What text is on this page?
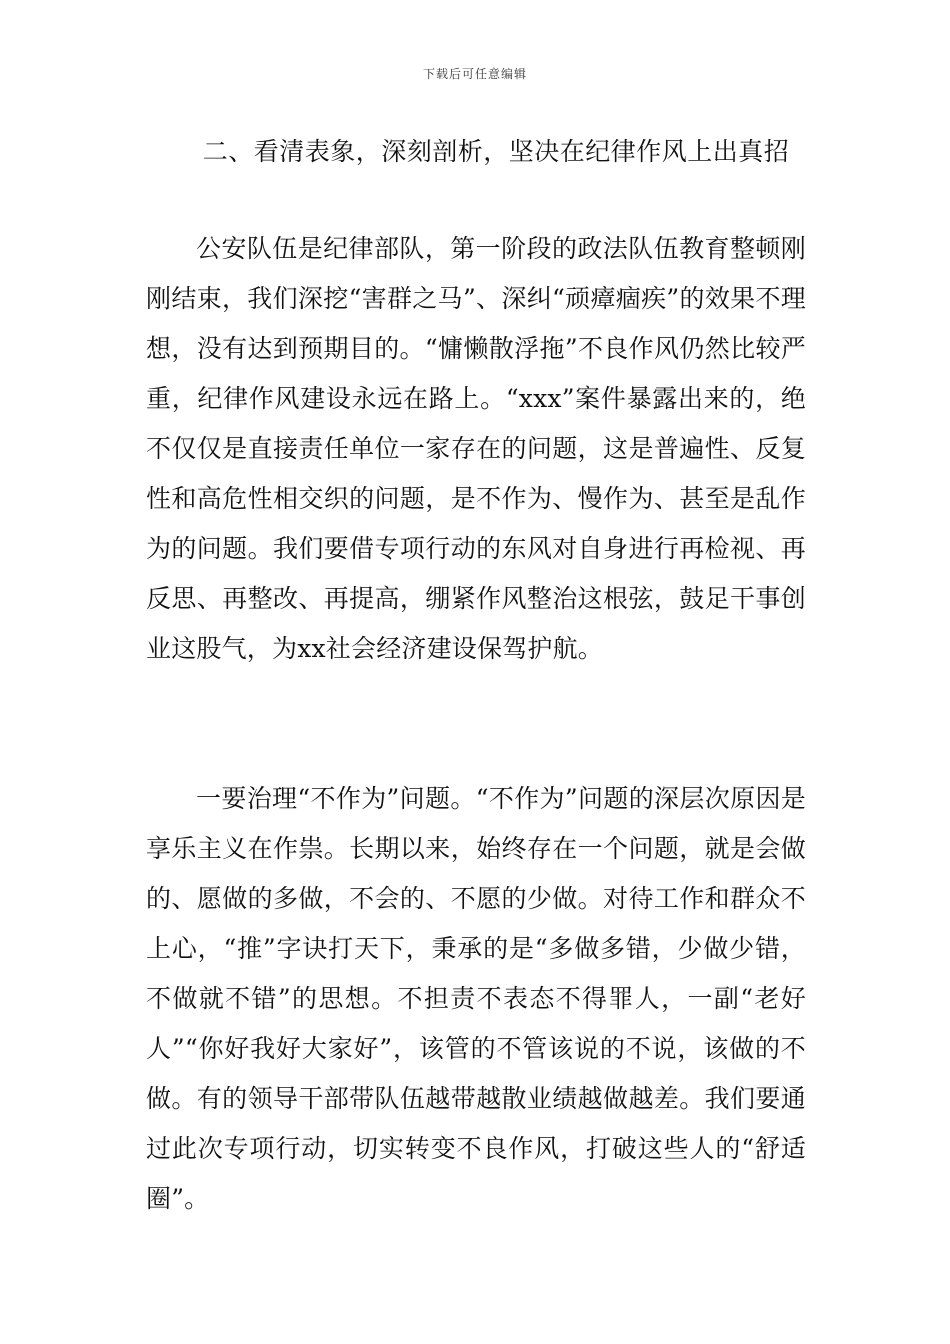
下载后可任意编辑
二、看清表象，深刻剖析，坚决在纪律作风上出真招

公安队伍是纪律部队，第一阶段的政法队伍教育整顿刚刚结束，我们深挖“害群之马”、深纠“顽瘴痼疾”的效果不理想，没有达到预期目的。“慵懒散浮拖”不良作风仍然比较严重，纪律作风建设永远在路上。“xxx”案件暴露出来的，绝不仅仅是直接责任单位一家存在的问题，这是普遍性、反复性和高危性相交织的问题，是不作为、慢作为、甚至是乱作为的问题。我们要借专项行动的东风对自身进行再检视、再反思、再整改、再提高，绷紧作风整治这根弦，鼓足干事创业这股气，为xx社会经济建设保驾护航。

一要治理“不作为”问题。“不作为”问题的深层次原因是享乐主义在作祟。长期以来，始终存在一个问题，就是会做的、愿做的多做，不会的、不愿的少做。对待工作和群众不上心，“推”字诀打天下，秉承的是“多做多错，少做少错，不做就不错”的思想。不担责不表态不得罪人，一副“老好人”“你好我好大家好”，该管的不管该说的不说，该做的不做。有的领导干部带队伍越带越散业绩越做越差。我们要通过此次专项行动，切实转变不良作风，打破这些人的“舒适圈”。
